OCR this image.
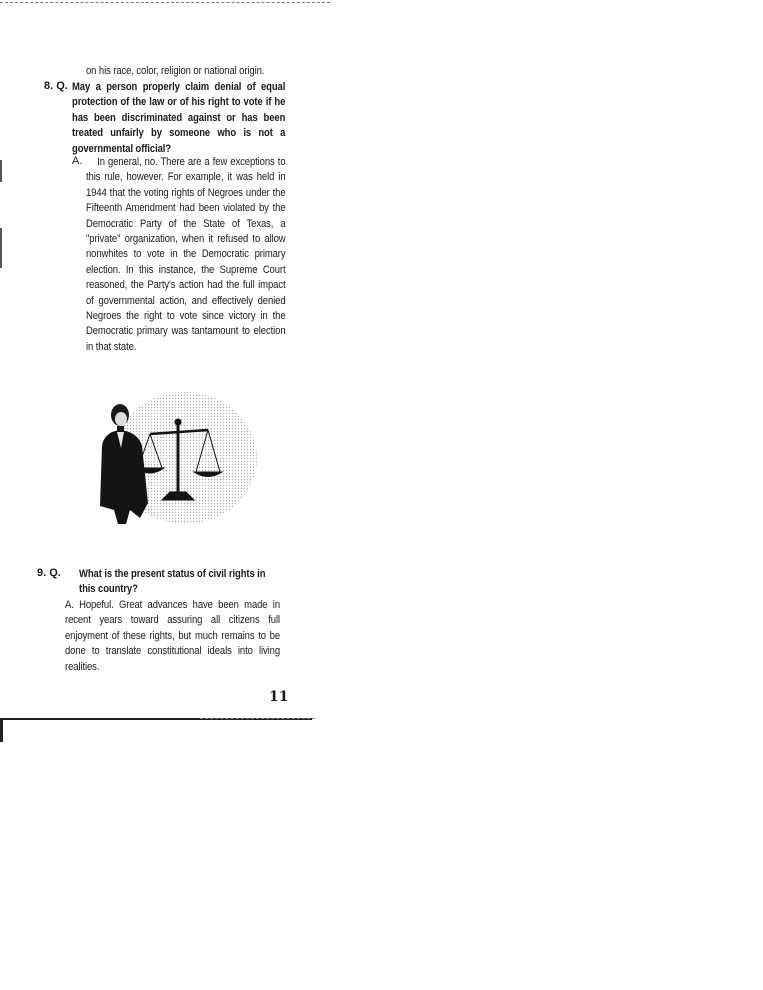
on his race, color, religion or national origin.
8. Q. May a person properly claim denial of equal protection of the law or of his right to vote if he has been discriminated against or has been treated unfairly by someone who is not a governmental official?
A.	In general, no. There are a few exceptions to this rule, however. For example, it was held in 1944 that the voting rights of Negroes under the Fifteenth Amendment had been violated by the Democratic Party of the State of Texas, a "private" organization, when it refused to allow nonwhites to vote in the Democratic primary election. In this instance, the Supreme Court reasoned, the Party's action had the full impact of governmental action, and effectively denied Negroes the right to vote since victory in the Democratic primary was tantamount to election in that state.
9. Q. What is the present status of civil rights in this country?
A. Hopeful. Great advances have been made in recent years toward assuring all citizens full enjoyment of these rights, but much remains to be done to translate constitutional ideals into living realities.
11
